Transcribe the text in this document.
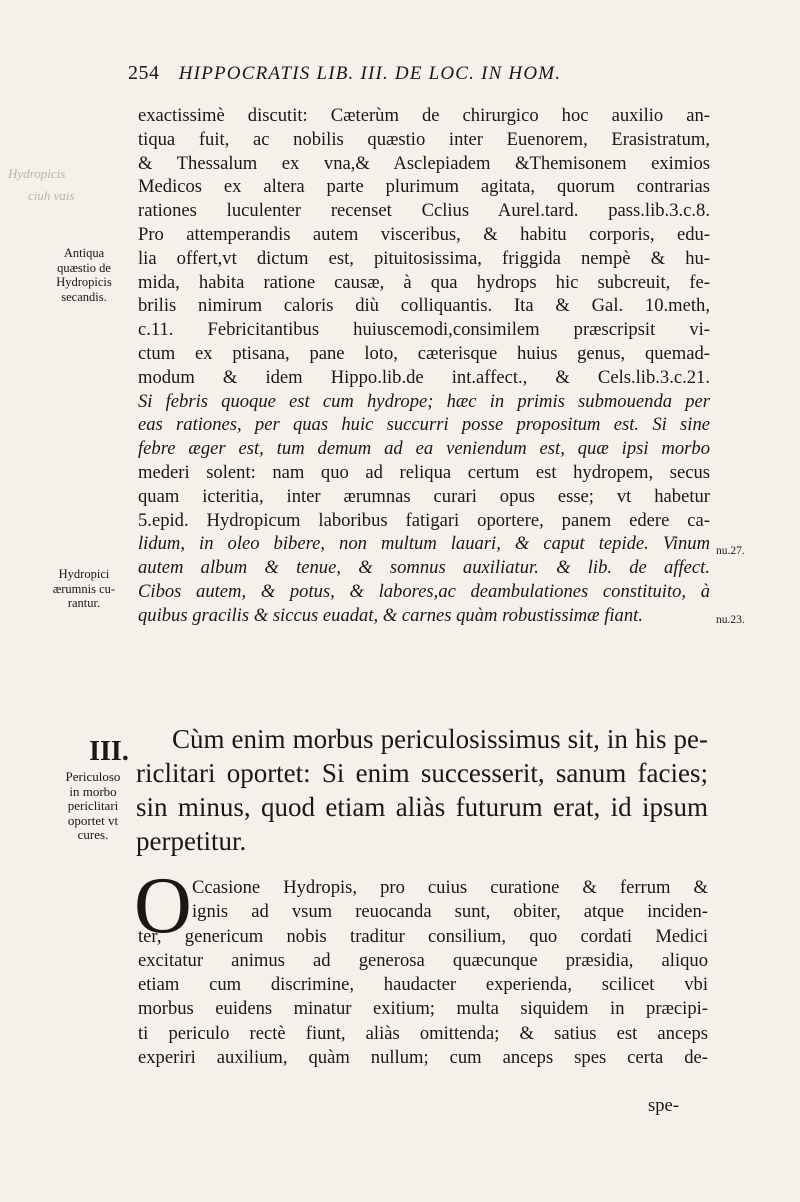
254 HIPPOCRATIS LIB. III. DE LOC. IN HOM.
Hydropicis
ciuh vais
exactissimè discutit: Cæterùm de chirurgico hoc auxilio an-
tiqua fuit, ac nobilis quæstio inter Euenorem, Erasistratum,
& Thessalum ex vna,& Asclepiadem &Themisonem eximios
Medicos ex altera parte plurimum agitata, quorum contrarias
rationes luculenter recenset Cclius Aurel.tard. pass.lib.3.c.8.
Pro attemperandis autem visceribus, & habitu corporis, edu-
lia offert,vt dictum est, pituitosissima, friggida nempè & hu-
mida, habita ratione causæ, à qua hydrops hic subcreuit, fe-
brilis nimirum caloris diù colliquantis. Ita & Gal. 10.meth,
c.11. Febricitantibus huiuscemodi,consimilem præscripsit vi-
ctum ex ptisana, pane loto, cæterisque huius genus, quemad-
modum & idem Hippo.lib.de int.affect., & Cels.lib.3.c.21.
Si febris quoque est cum hydrope; hæc in primis submouenda per
eas rationes, per quas huic succurri posse propositum est. Si sine
febre æger est, tum demum ad ea veniendum est, quæ ipsi morbo
mederi solent: nam quo ad reliqua certum est hydropem, secus
quam icteritia, inter ærumnas curari opus esse; vt habetur
5.epid. Hydropicum laboribus fatigari oportere, panem edere ca-
lidum, in oleo bibere, non multum lauari, & caput tepide. Vinum
autem album & tenue, & somnus auxiliatur. & lib. de affect.
Cibos autem, & potus, & labores,ac deambulationes constituito, à
quibus gracilis & siccus euadat, & carnes quàm robustissimæ fiant.
Antiqua
quæstio de
Hydropicis
secandis.
Hydropici
ærumnis cu-
rantur.
nu.27.
nu.23.
III.
Periculoso
in morbo
periclitari
oportet vt
cures.
Cùm enim morbus periculosissimus sit, in his pe-
riclitari oportet: Si enim successerit, sanum facies;
sin minus, quod etiam aliàs futurum erat, id ipsum
perpetitur.
O Ccasione Hydropis, pro cuius curatione & ferrum &
ignis ad vsum reuocanda sunt, obiter, atque inciden-
ter, genericum nobis traditur consilium, quo cordati Medici
excitatur animus ad generosa quæcunque præsidia, aliquo
etiam cum discrimine, haudacter experienda, scilicet vbi
morbus euidens minatur exitium; multa siquidem in præcipi-
ti periculo rectè fiunt, aliàs omittenda; & satius est anceps
experiri auxilium, quàm nullum; cum anceps spes certa de-
spe-
